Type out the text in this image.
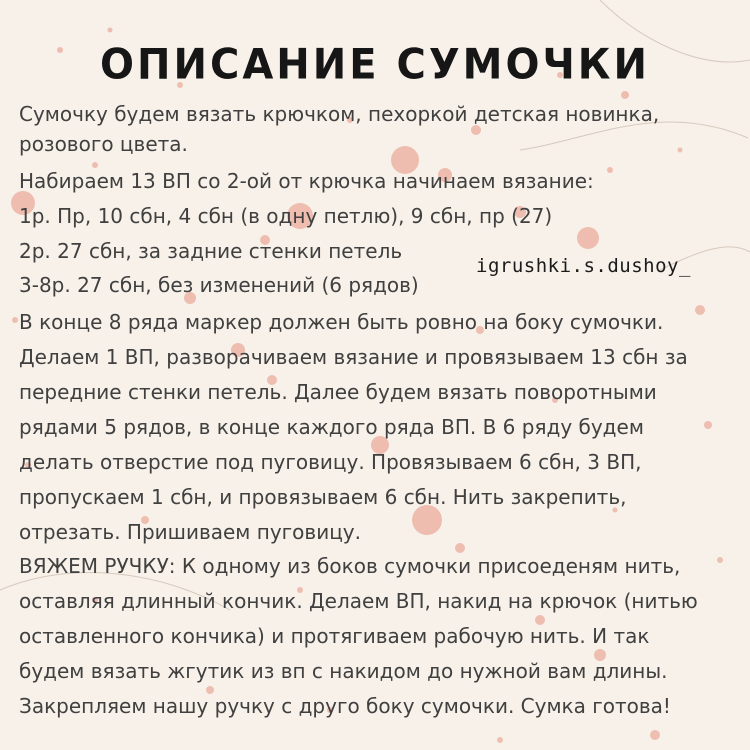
ОПИСАНИЕ СУМОЧКИ
Сумочку будем вязать крючком, пехоркой детская новинка,
розового цвета.
Набираем 13 ВП со 2-ой от крючка начинаем вязание:
1р. Пр, 10 сбн, 4 сбн (в одну петлю), 9 сбн, пр (27)
2р. 27 сбн, за задние стенки петель
3-8р. 27 сбн, без изменений (6 рядов)
В конце 8 ряда маркер должен быть ровно на боку сумочки.
Делаем 1 ВП, разворачиваем вязание и провязываем 13 сбн за
передние стенки петель. Далее будем вязать поворотными
рядами 5 рядов, в конце каждого ряда ВП. В 6 ряду будем
делать отверстие под пуговицу. Провязываем 6 сбн, 3 ВП,
пропускаем 1 сбн, и провязываем 6 сбн. Нить закрепить,
отрезать. Пришиваем пуговицу.
ВЯЖЕМ РУЧКУ: К одному из боков сумочки присоеденям нить,
оставляя длинный кончик. Делаем ВП, накид на крючок (нитью
оставленного кончика) и протягиваем рабочую нить. И так
будем вязать жгутик из вп с накидом до нужной вам длины.
Закрепляем нашу ручку с друго боку сумочки. Сумка готова!
igrushki.s.dushoy_
